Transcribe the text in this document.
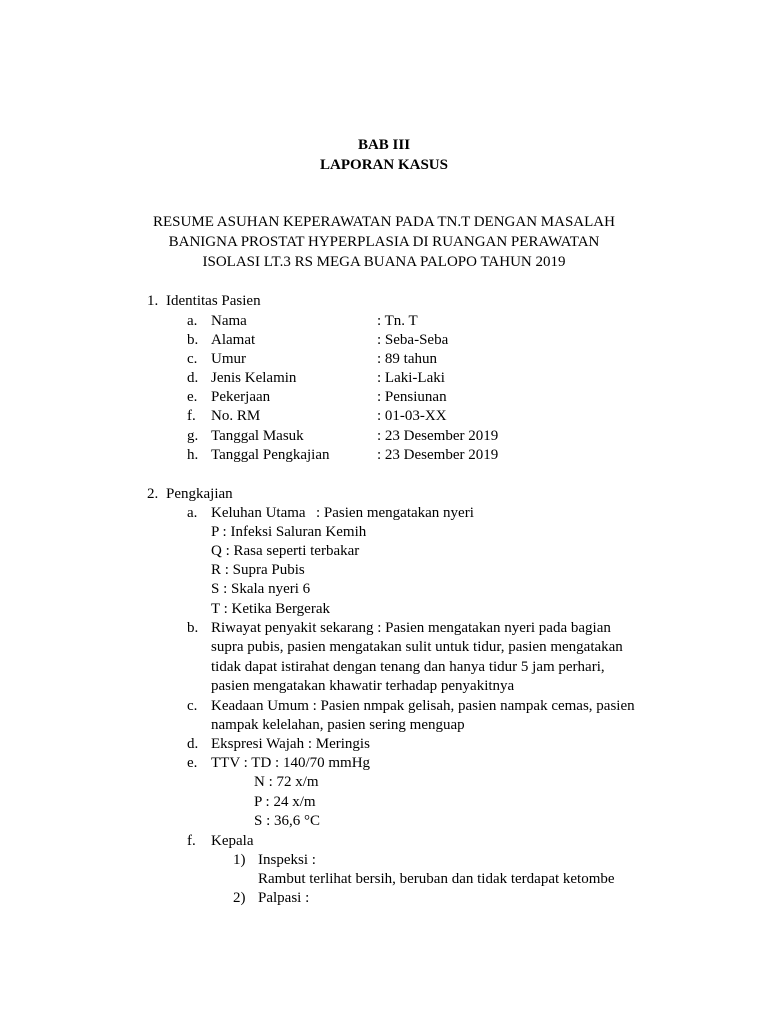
BAB III
LAPORAN KASUS
RESUME ASUHAN KEPERAWATAN PADA TN.T DENGAN MASALAH
BANIGNA PROSTAT HYPERPLASIA DI RUANGAN PERAWATAN
ISOLASI LT.3 RS MEGA BUANA PALOPO TAHUN 2019
1. Identitas Pasien
a. Nama	: Tn. T
b. Alamat	: Seba-Seba
c. Umur	: 89 tahun
d. Jenis Kelamin	: Laki-Laki
e. Pekerjaan	: Pensiunan
f. No. RM	: 01-03-XX
g. Tanggal Masuk	: 23 Desember 2019
h. Tanggal Pengkajian	: 23 Desember 2019
2. Pengkajian
a. Keluhan Utama : Pasien mengatakan nyeri
P : Infeksi Saluran Kemih
Q : Rasa seperti terbakar
R : Supra Pubis
S : Skala nyeri 6
T : Ketika Bergerak
b. Riwayat penyakit sekarang : Pasien mengatakan nyeri pada bagian
supra pubis, pasien mengatakan sulit untuk tidur, pasien mengatakan
tidak dapat istirahat dengan tenang dan hanya tidur 5 jam perhari,
pasien mengatakan khawatir terhadap penyakitnya
c. Keadaan Umum : Pasien nmpak gelisah, pasien nampak cemas, pasien
nampak kelelahan, pasien sering menguap
d. Ekspresi Wajah : Meringis
e. TTV : TD : 140/70 mmHg
N : 72 x/m
P : 24 x/m
S : 36,6 °C
f. Kepala
1) Inspeksi :
Rambut terlihat bersih, beruban dan tidak terdapat ketombe
2) Palpasi :
